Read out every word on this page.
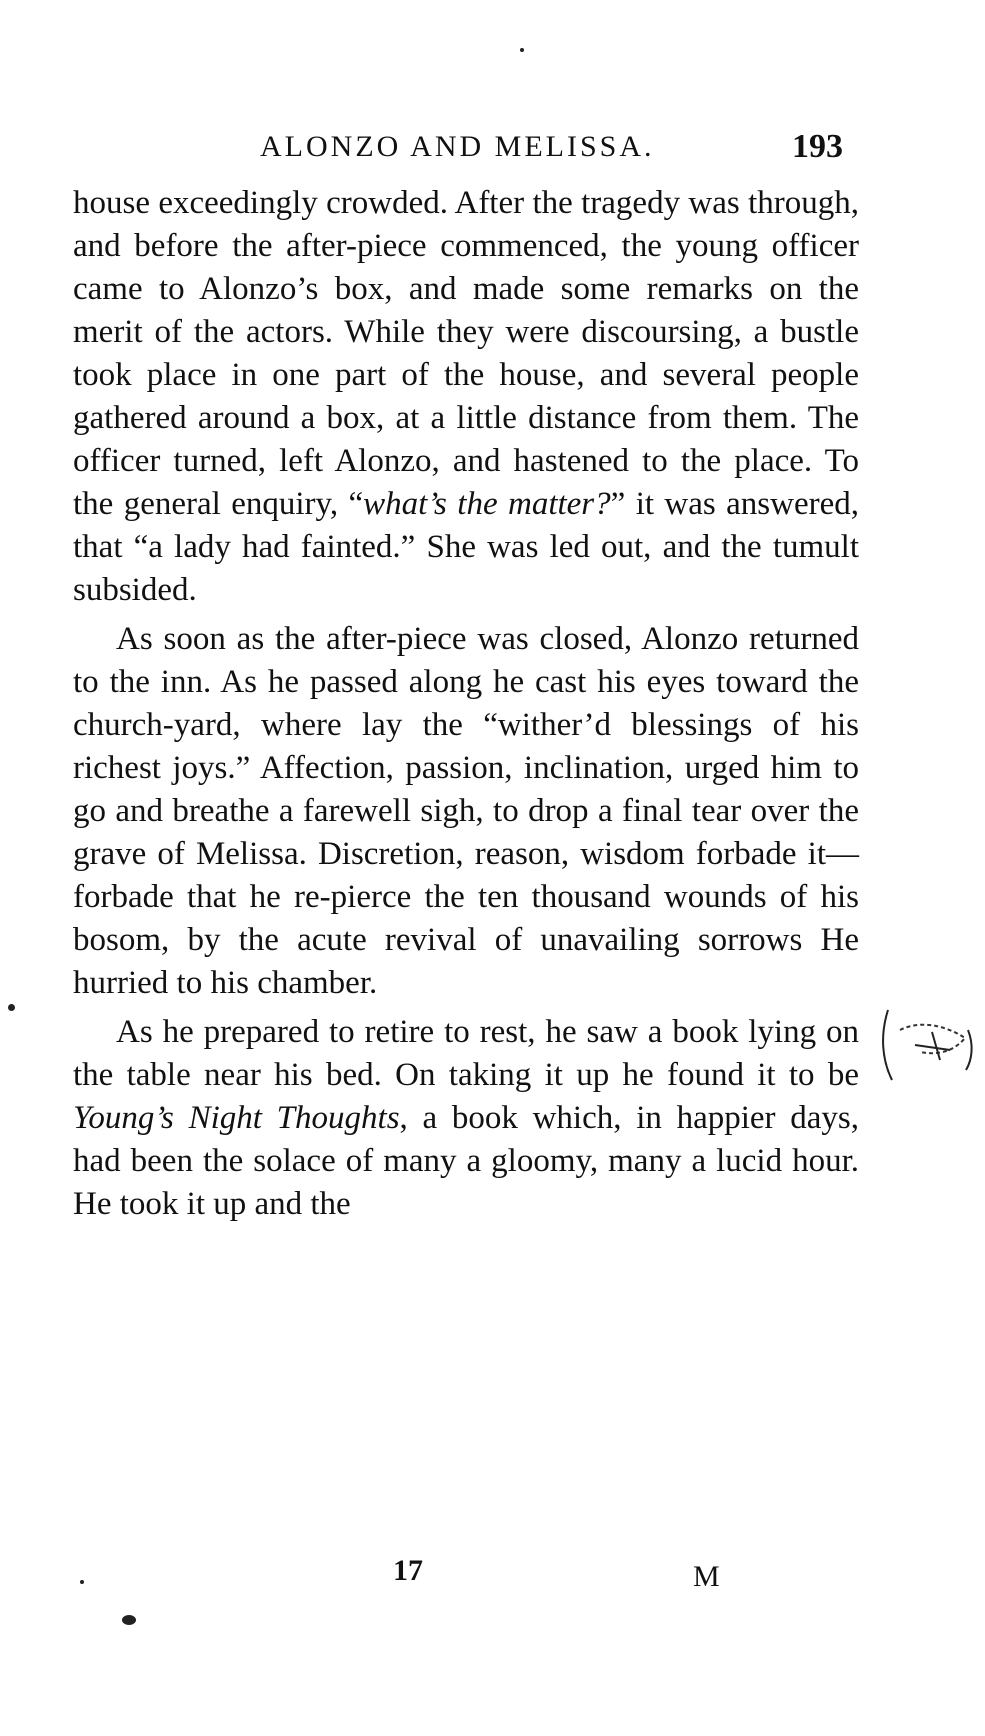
ALONZO AND MELISSA.	193

house exceedingly crowded. After the tragedy was through, and before the after-piece commenced, the young officer came to Alonzo’s box, and made some remarks on the merit of the actors. While they were discoursing, a bustle took place in one part of the house, and several people gathered around a box, at a little distance from them. The officer turned, left Alonzo, and hastened to the place. To the general enquiry, “what’s the matter?” it was answered, that “a lady had fainted.” She was led out, and the tumult subsided.

As soon as the after-piece was closed, Alonzo returned to the inn. As he passed along he cast his eyes toward the church-yard, where lay the “wither’d blessings of his richest joys.” Affection, passion, inclination, urged him to go and breathe a farewell sigh, to drop a final tear over the grave of Melissa. Discretion, reason, wisdom forbade it—forbade that he re-pierce the ten thousand wounds of his bosom, by the acute revival of unavailing sorrows He hurried to his chamber.

As he prepared to retire to rest, he saw a book lying on the table near his bed. On taking it up he found it to be Young’s Night Thoughts, a book which, in happier days, had been the solace of many a gloomy, many a lucid hour. He took it up and the

17	M
